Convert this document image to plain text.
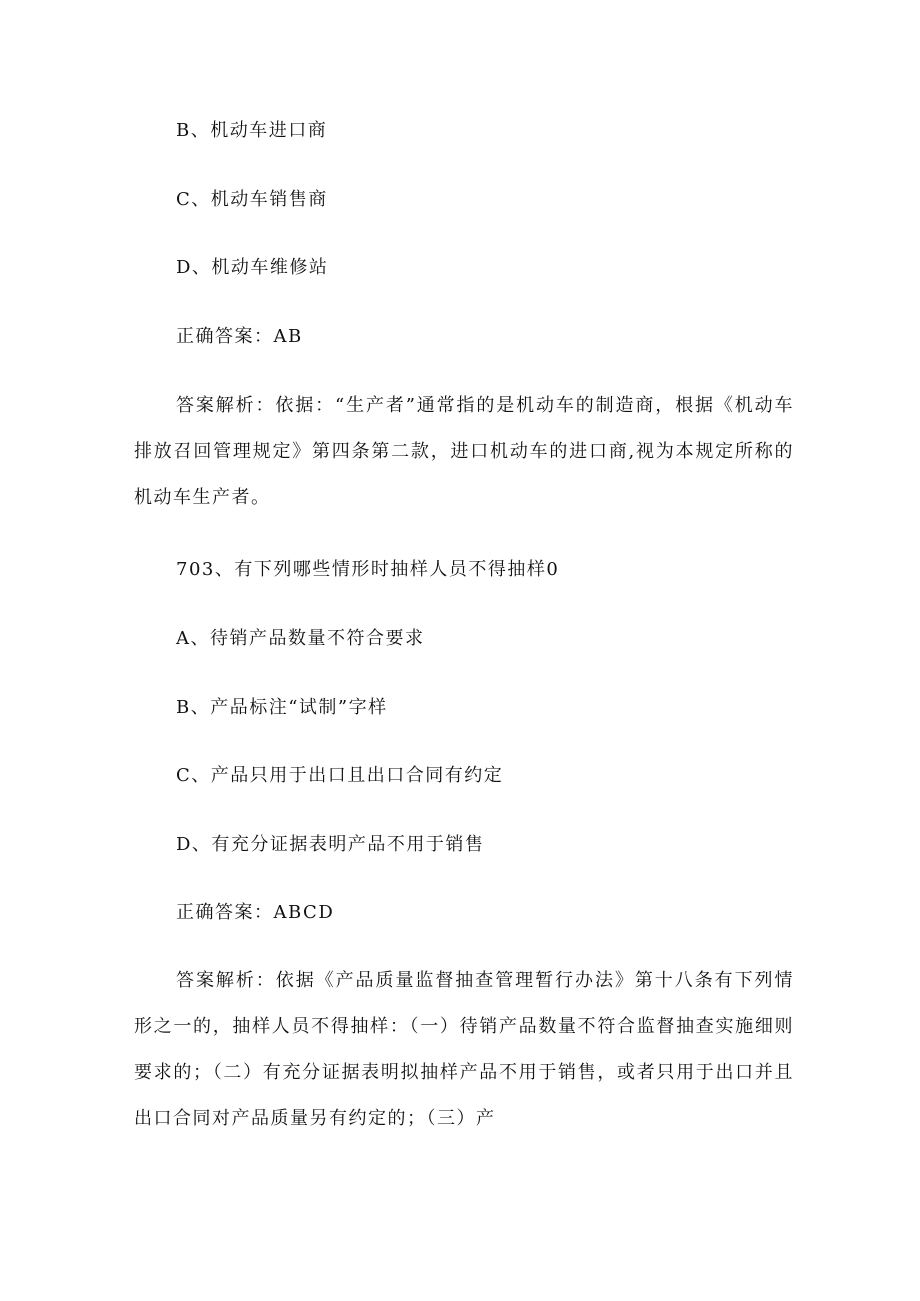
B、机动车进口商
C、机动车销售商
D、机动车维修站
正确答案：AB
答案解析：依据：“生产者”通常指的是机动车的制造商，根据《机动车排放召回管理规定》第四条第二款，进口机动车的进口商,视为本规定所称的机动车生产者。
703、有下列哪些情形时抽样人员不得抽样0
A、待销产品数量不符合要求
B、产品标注“试制”字样
C、产品只用于出口且出口合同有约定
D、有充分证据表明产品不用于销售
正确答案：ABCD
答案解析：依据《产品质量监督抽查管理暂行办法》第十八条有下列情形之一的，抽样人员不得抽样：（一）待销产品数量不符合监督抽查实施细则要求的；（二）有充分证据表明拟抽样产品不用于销售，或者只用于出口并且出口合同对产品质量另有约定的；（三）产
